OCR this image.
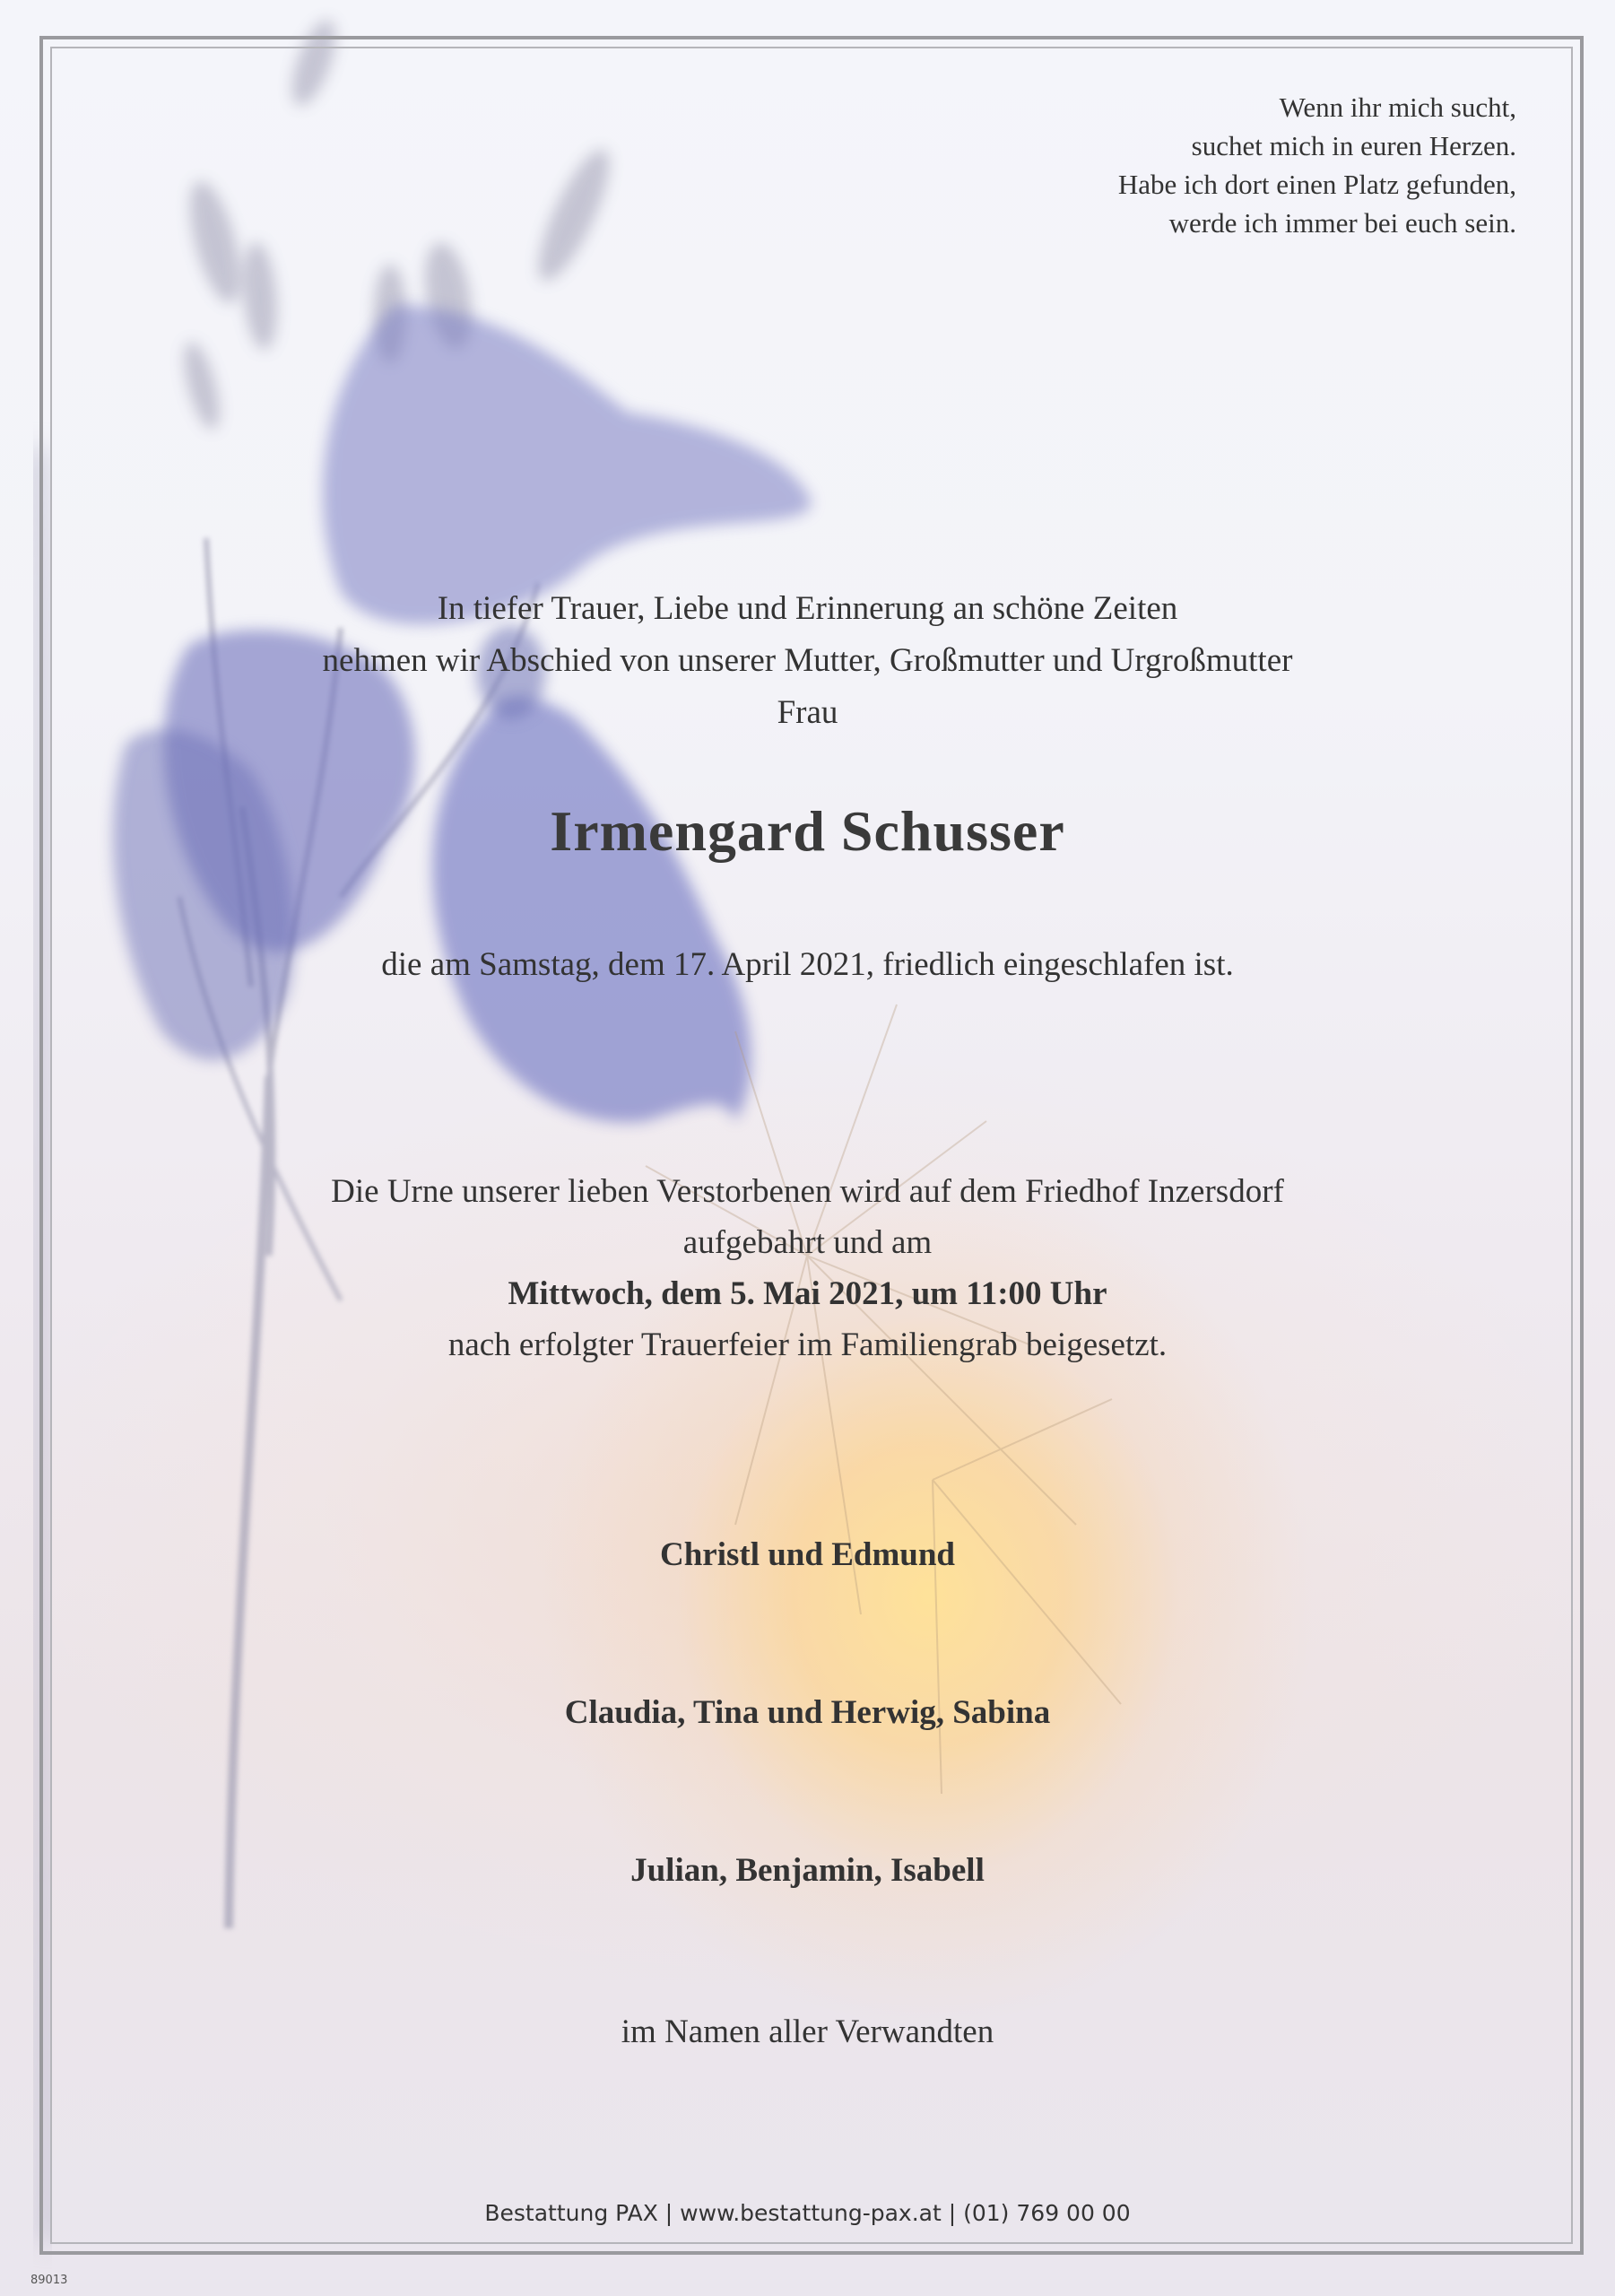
Wenn ihr mich sucht,
suchet mich in euren Herzen.
Habe ich dort einen Platz gefunden,
werde ich immer bei euch sein.
In tiefer Trauer, Liebe und Erinnerung an schöne Zeiten
nehmen wir Abschied von unserer Mutter, Großmutter und Urgroßmutter
Frau
Irmengard Schusser
die am Samstag, dem 17. April 2021, friedlich eingeschlafen ist.
Die Urne unserer lieben Verstorbenen wird auf dem Friedhof Inzersdorf
aufgebahrt und am
Mittwoch, dem 5. Mai 2021, um 11:00 Uhr
nach erfolgter Trauerfeier im Familiengrab beigesetzt.
Christl und Edmund
Claudia, Tina und Herwig, Sabina
Julian, Benjamin, Isabell
im Namen aller Verwandten
Bestattung PAX | www.bestattung-pax.at | (01) 769 00 00
89013
